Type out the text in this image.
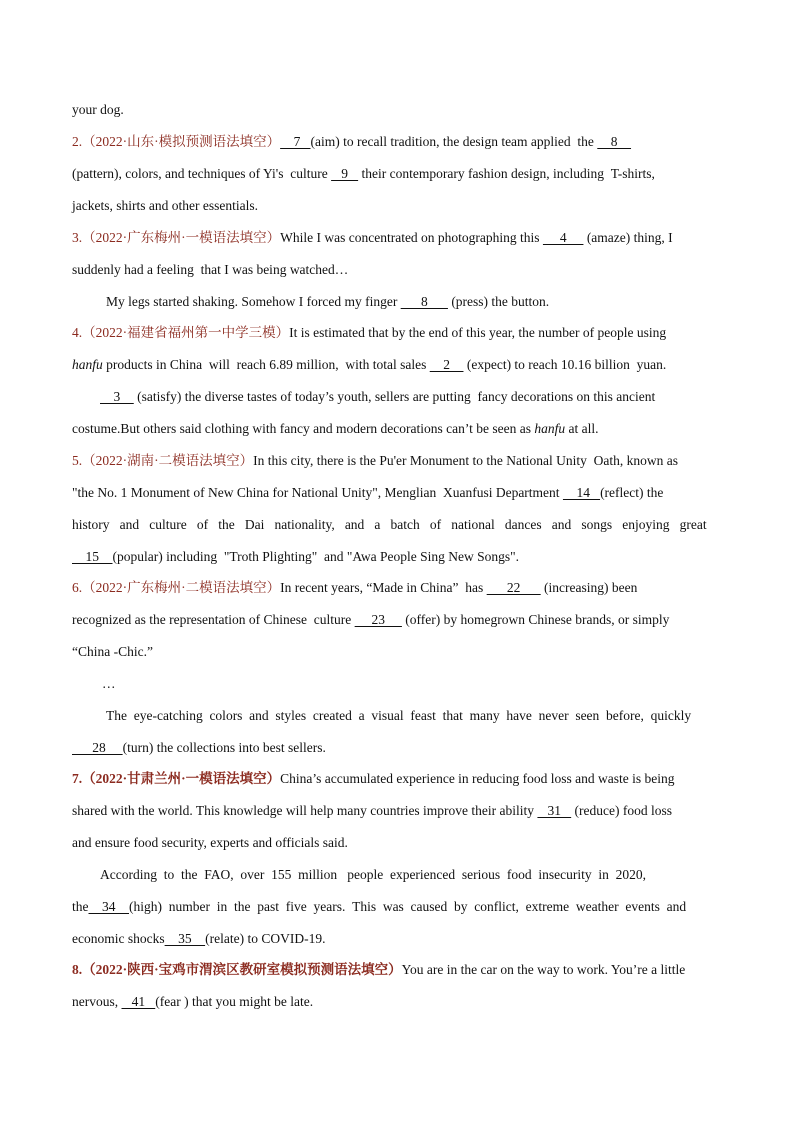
your dog.
2.（2022·山东·模拟预测语法填空）    7   (aim) to recall tradition, the design team applied  the     8
(pattern), colors, and techniques of Yi's  culture    9    their contemporary fashion design, including  T-shirts,
jackets, shirts and other essentials.
3.（2022·广东梅州·一模语法填空）While I was concentrated on photographing this      4      (amaze) thing, I
suddenly had a feeling  that I was being watched…
My legs started shaking. Somehow I forced my finger       8       (press) the button.
4.（2022·福建省福州第一中学三模）It is estimated that by the end of this year, the number of people using
hanfu products in China  will  reach 6.89 million,  with total sales     2     (expect) to reach 10.16 billion  yuan.
3     (satisfy) the diverse tastes of today’s youth, sellers are putting  fancy decorations on this ancient
costume.But others said clothing with fancy and modern decorations can’t be seen as hanfu at all.
5.（2022·湖南·二模语法填空）In this city, there is the Pu'er Monument to the National Unity  Oath, known as
"the No. 1 Monument of New China for National Unity", Menglian  Xuanfusi Department     14   (reflect) the
history   and   culture   of   the   Dai   nationality,   and   a   batch   of   national   dances   and   songs   enjoying   great
15    (popular) including  "Troth Plighting"  and "Awa People Sing New Songs".
6.（2022·广东梅州·二模语法填空）In recent years, “Made in China”  has       22       (increasing) been
recognized as the representation of Chinese  culture      23      (offer) by homegrown Chinese brands, or simply
“China -Chic.”
…
The  eye-catching  colors  and  styles  created  a  visual  feast  that  many  have  never  seen  before,  quickly
28     (turn) the collections into best sellers.
7.（2022·甘肃兰州·一模语法填空）China’s accumulated experience in reducing food loss and waste is being
shared with the world. This knowledge will help many countries improve their ability    31    (reduce) food loss
and ensure food security, experts and officials said.
According  to  the  FAO,  over  155  million   people  experienced  serious  food  insecurity  in  2020,
the    34    (high)  number  in  the  past  five  years.  This  was  caused  by  conflict,  extreme  weather  events  and
economic shocks    35    (relate) to COVID-19.
8.（2022·陕西·宝鸡市渭滨区教研室模拟预测语法填空）You are in the car on the way to work. You’re a little
nervous,    41   (fear ) that you might be late.
